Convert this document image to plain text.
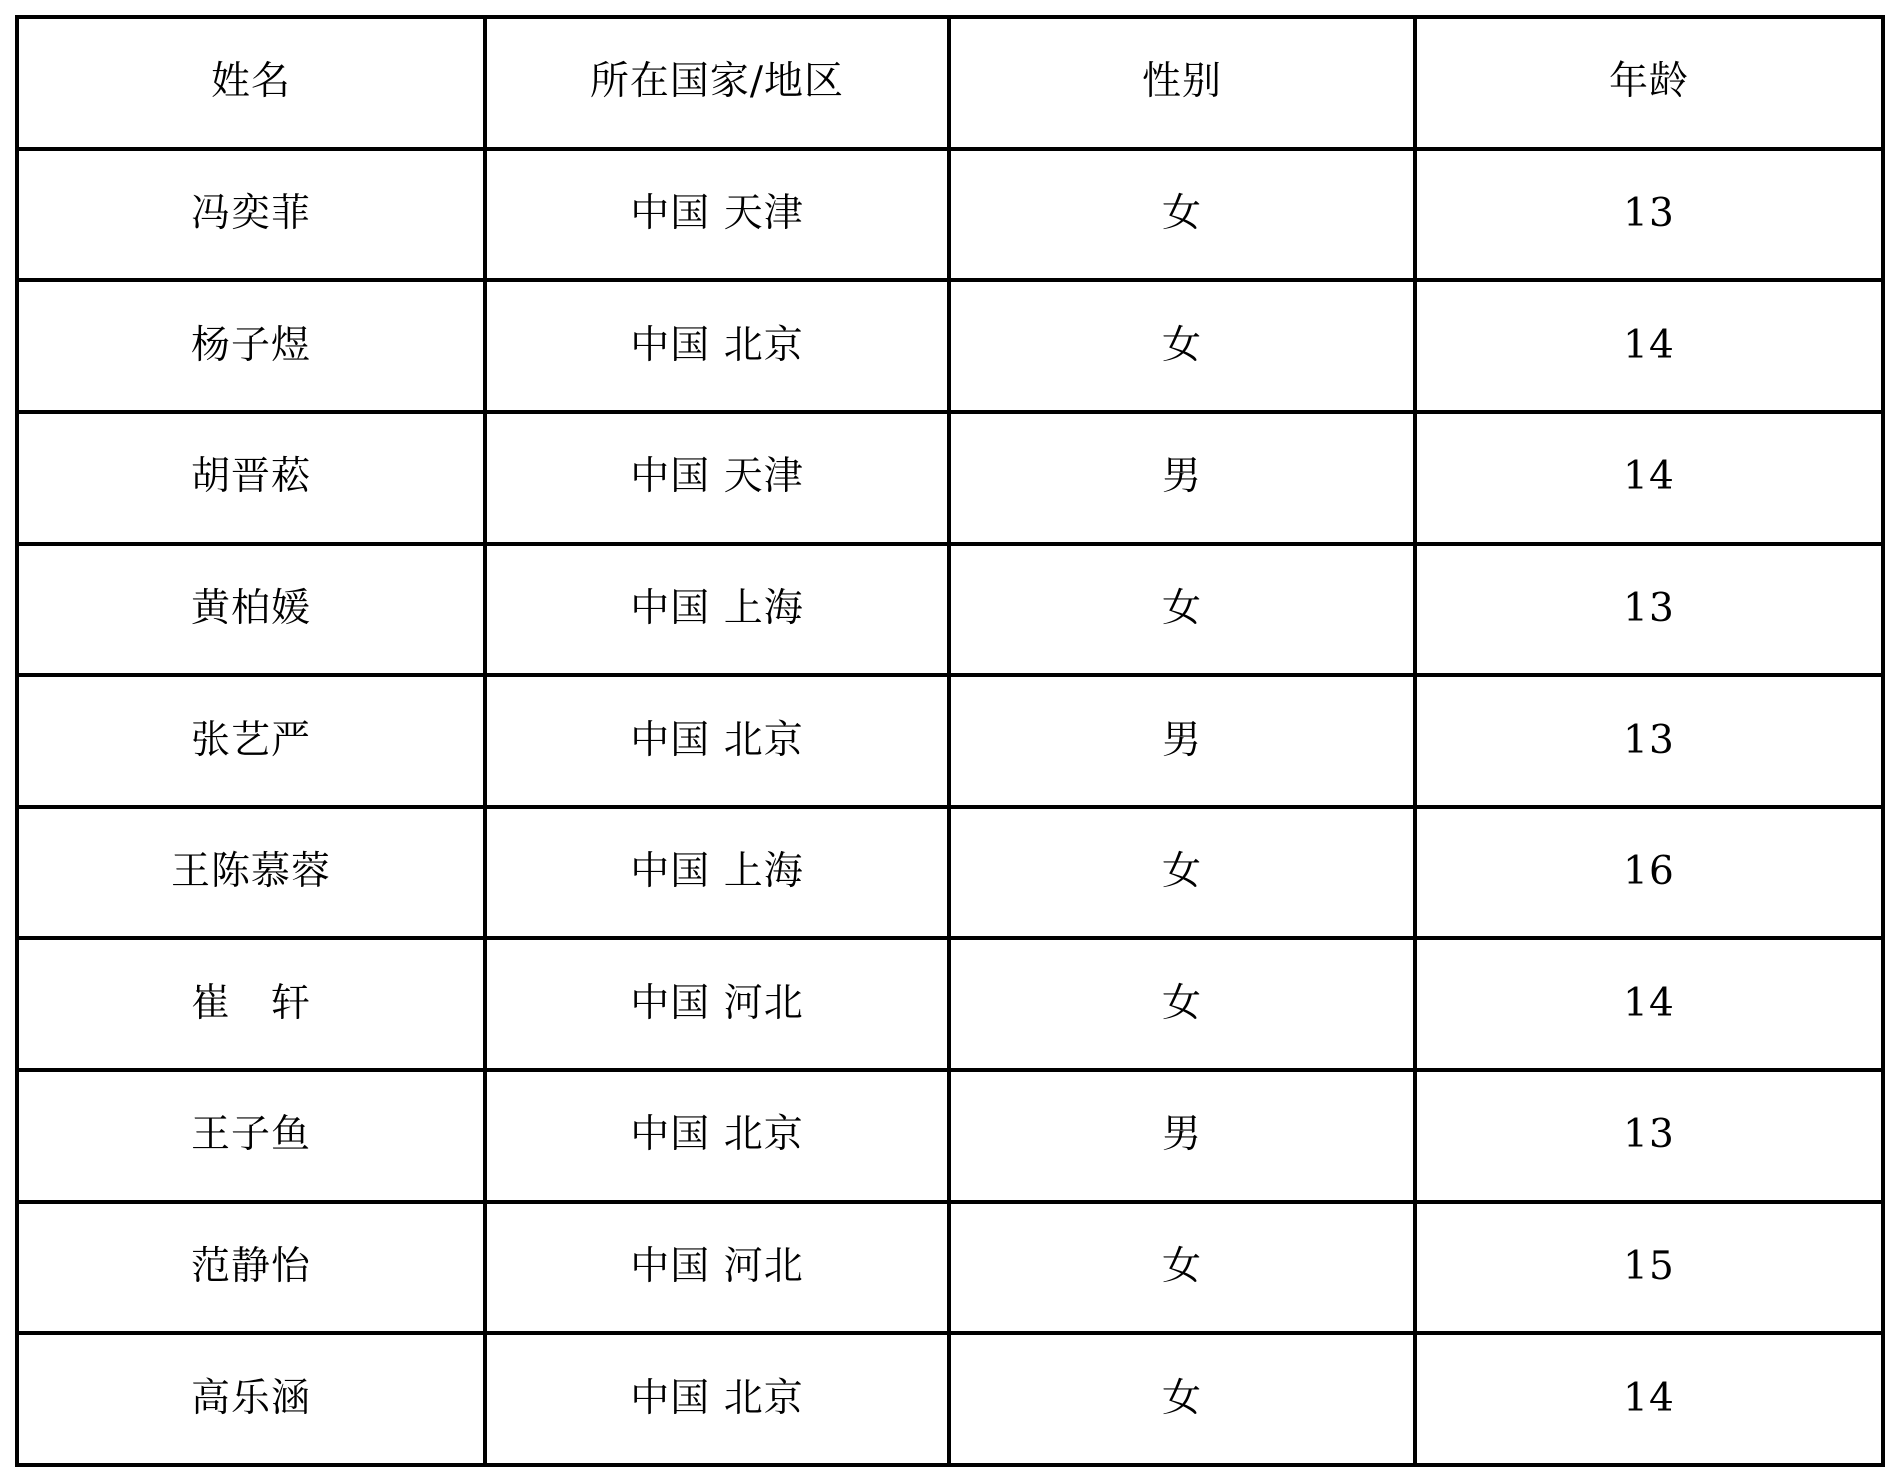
姓名	所在国家/地区	性别	年龄
冯奕菲	中国 天津	女	13
杨子煜	中国 北京	女	14
胡晋菘	中国 天津	男	14
黄柏媛	中国 上海	女	13
张艺严	中国 北京	男	13
王陈慕蓉	中国 上海	女	16
崔　轩	中国 河北	女	14
王子鱼	中国 北京	男	13
范静怡	中国 河北	女	15
高乐涵	中国 北京	女	14
